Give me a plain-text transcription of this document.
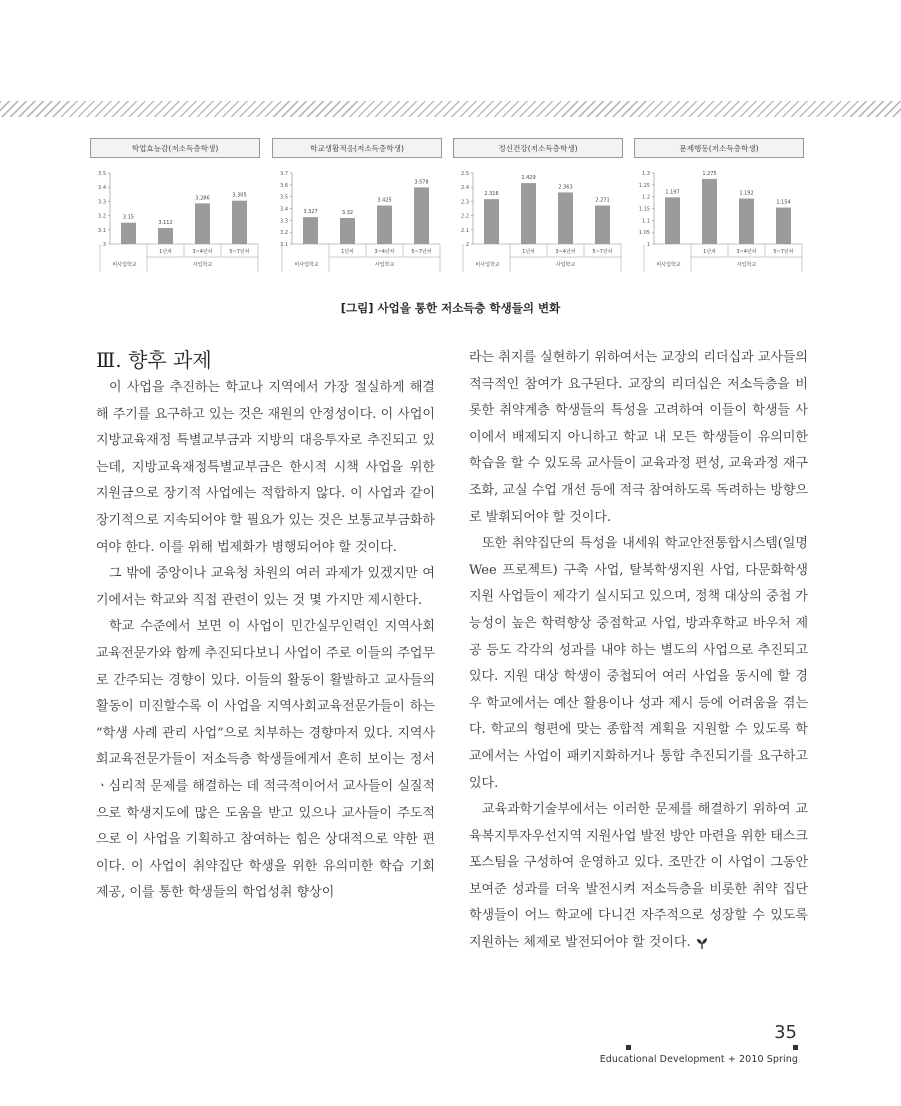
학업효능감(저소득층학생)
3
3.1
3.2
3.3
3.4
3.5
3.15
3.112
1년차
3.286
3~4년차
3.305
5~7년차
비사업학교	사업학교
학교생활적응(저소득층학생)
3.1
3.2
3.3
3.4
3.5
3.6
3.7
3.327	3.32
1년차
3.425
3~4년차
3.578
5~7년차
비사업학교	사업학교
정신건강(저소득층학생)
2
2.1
2.2
2.3
2.4
2.5
2.316
2.429
1년차
2.363
3~4년차
2.271
5~7년차
비사업학교	사업학교
문제행동(저소득층학생)
1
1.05
1.1
1.15
1.2
1.25
1.3
1.197
1.275
1년차
1.192
3~4년차
1.154
5~7년차
비사업학교	사업학교
[그림] 사업을 통한 저소득층 학생들의 변화

Ⅲ. 향후 과제

이 사업을 추진하는 학교나 지역에서 가장 절실하게 해결해 주기를 요구하고 있는 것은 재원의 안정성이다. 이 사업이 지방교육재정 특별교부금과 지방의 대응투자로 추진되고 있는데, 지방교육재정특별교부금은 한시적 시책 사업을 위한 지원금으로 장기적 사업에는 적합하지 않다. 이 사업과 같이 장기적으로 지속되어야 할 필요가 있는 것은 보통교부금화하여야 한다. 이를 위해 법제화가 병행되어야 할 것이다.

그 밖에 중앙이나 교육청 차원의 여러 과제가 있겠지만 여기에서는 학교와 직접 관련이 있는 것 몇 가지만 제시한다.

학교 수준에서 보면 이 사업이 민간실무인력인 지역사회교육전문가와 함께 추진되다보니 사업이 주로 이들의 주업무로 간주되는 경향이 있다. 이들의 활동이 활발하고 교사들의 활동이 미진할수록 이 사업을 지역사회교육전문가들이 하는 “학생 사례 관리 사업”으로 치부하는 경향마저 있다. 지역사회교육전문가들이 저소득층 학생들에게서 흔히 보이는 정서ㆍ심리적 문제를 해결하는 데 적극적이어서 교사들이 실질적으로 학생지도에 많은 도움을 받고 있으나 교사들이 주도적으로 이 사업을 기획하고 참여하는 힘은 상대적으로 약한 편이다. 이 사업이 취약집단 학생을 위한 유의미한 학습 기회 제공, 이를 통한 학생들의 학업성취 향상이

라는 취지를 실현하기 위하여서는 교장의 리더십과 교사들의 적극적인 참여가 요구된다. 교장의 리더십은 저소득층을 비롯한 취약계층 학생들의 특성을 고려하여 이들이 학생들 사이에서 배제되지 아니하고 학교 내 모든 학생들이 유의미한 학습을 할 수 있도록 교사들이 교육과정 편성, 교육과정 재구조화, 교실 수업 개선 등에 적극 참여하도록 독려하는 방향으로 발휘되어야 할 것이다.

또한 취약집단의 특성을 내세워 학교안전통합시스템(일명 Wee 프로젝트) 구축 사업, 탈북학생지원 사업, 다문화학생 지원 사업들이 제각기 실시되고 있으며, 정책 대상의 중첩 가능성이 높은 학력향상 중점학교 사업, 방과후학교 바우처 제공 등도 각각의 성과를 내야 하는 별도의 사업으로 추진되고 있다. 지원 대상 학생이 중첩되어 여러 사업을 동시에 할 경우 학교에서는 예산 활용이나 성과 제시 등에 어려움을 겪는다. 학교의 형편에 맞는 종합적 계획을 지원할 수 있도록 학교에서는 사업이 패키지화하거나 통합 추진되기를 요구하고 있다.

교육과학기술부에서는 이러한 문제를 해결하기 위하여 교육복지투자우선지역 지원사업 발전 방안 마련을 위한 태스크 포스팀을 구성하여 운영하고 있다. 조만간 이 사업이 그동안 보여준 성과를 더욱 발전시켜 저소득층을 비롯한 취약 집단 학생들이 어느 학교에 다니건 자주적으로 성장할 수 있도록 지원하는 체제로 발전되어야 할 것이다.

35
Educational Development + 2010 Spring
